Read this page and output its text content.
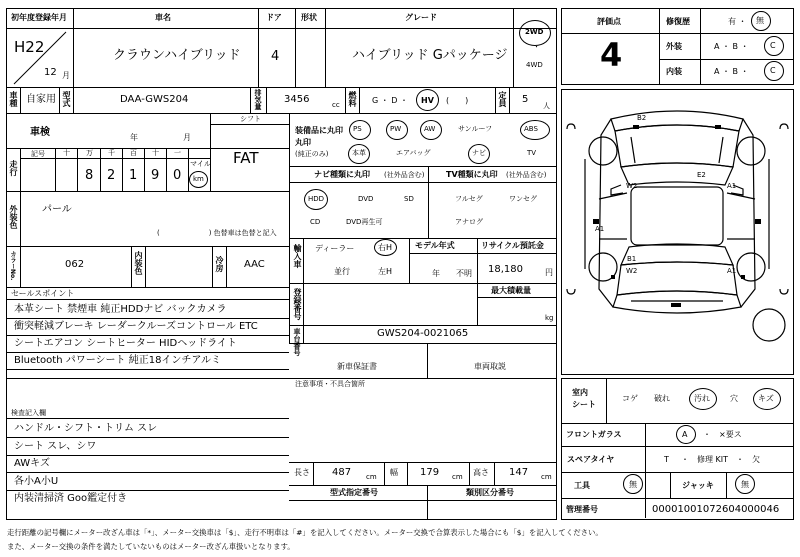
初年度登録年月	車名	ドア 形状	グレード
H22
12 月
クラウンハイブリッド 4	ハイブリッド Gパッケージ
2WD
・
4WD
車種 自家用 型式	DAA-GWS204	排気量 3456	cc 燃料 G ・ D ・ HV (　　)	定員 5
人
車検	年	月
シフト
FAT
走行
記号	十 万 千 百 十 一
8 2 1 9 0
マイル
km
外装色 パール
(　　　　　　　) 色替車は色替と記入
カラーNo.	062	内装色	冷房 AAC
セールスポイント
本革シート 禁煙車 純正HDDナビ バックカメラ
衝突軽減ブレーキ レーダークルーズコントロール ETC
シートエアコン シートヒーター HIDヘッドライト
Bluetooth パワーシート 純正18インチアルミ
装備品に丸印
丸印
(純正のみ)
PS	PW	AW	サンルーフ	ABS
本革	エアバッグ	ナビ	TV
ナビ種類に丸印 (社外品含む)	TV種類に丸印 (社外品含む)
HDD	DVD	SD
CD	DVD再生可
フルセグ	ワンセグ
アナログ
輸入車 ディーラー
並行
右H
左H
モデル年式
年 不明
リサイクル預託金
18,180	円
登録番号	最大積載量
kg
車台番号	GWS204-0021065
新車保証書	車両取説
注意事項・不具合箇所
検査記入欄
ハンドル・シフト・トリム スレ
シート スレ、シワ
AWキズ
各小A小U
内装清掃済 Goo鑑定付き
長さ 487 cm 幅 179 cm 高さ 147 cm
型式指定番号	類別区分番号
評価点
4
修復歴	有 ・ 無
外装	A ・ B ・	C
内装	A ・ B ・	C
B2
W2	A1
E2
A1
B1
W2	A1
室内
シート
コゲ 破れ	汚れ	穴	キズ
フロントガラス	A ・　×要ス
スペアタイヤ	T ・　修理 KIT　・　欠
工具	無	ジャッキ	無
管理番号	0000100107260400004​6
走行距離の記号欄にメーター改ざん車は「*」、メーター交換車は「$」、走行不明車は「#」を記入してください。メーター交換で合算表示した場合にも「$」を記入してください。
また、メーター交換の条件を満たしていないものはメーター改ざん車扱いとなります。
